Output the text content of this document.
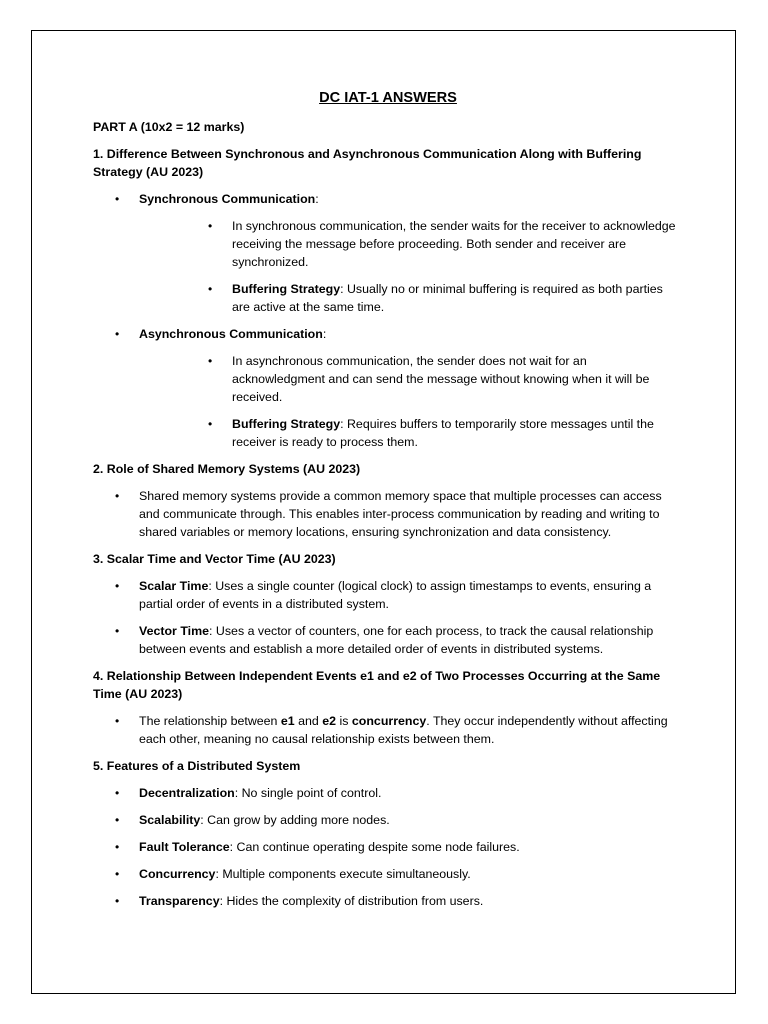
DC IAT-1 ANSWERS
PART A (10x2 = 12 marks)
1. Difference Between Synchronous and Asynchronous Communication Along with Buffering Strategy (AU 2023)
• Synchronous Communication:
• In synchronous communication, the sender waits for the receiver to acknowledge receiving the message before proceeding. Both sender and receiver are synchronized.
• Buffering Strategy: Usually no or minimal buffering is required as both parties are active at the same time.
• Asynchronous Communication:
• In asynchronous communication, the sender does not wait for an acknowledgment and can send the message without knowing when it will be received.
• Buffering Strategy: Requires buffers to temporarily store messages until the receiver is ready to process them.
2. Role of Shared Memory Systems (AU 2023)
• Shared memory systems provide a common memory space that multiple processes can access and communicate through. This enables inter-process communication by reading and writing to shared variables or memory locations, ensuring synchronization and data consistency.
3. Scalar Time and Vector Time (AU 2023)
• Scalar Time: Uses a single counter (logical clock) to assign timestamps to events, ensuring a partial order of events in a distributed system.
• Vector Time: Uses a vector of counters, one for each process, to track the causal relationship between events and establish a more detailed order of events in distributed systems.
4. Relationship Between Independent Events e1 and e2 of Two Processes Occurring at the Same Time (AU 2023)
• The relationship between e1 and e2 is concurrency. They occur independently without affecting each other, meaning no causal relationship exists between them.
5. Features of a Distributed System
• Decentralization: No single point of control.
• Scalability: Can grow by adding more nodes.
• Fault Tolerance: Can continue operating despite some node failures.
• Concurrency: Multiple components execute simultaneously.
• Transparency: Hides the complexity of distribution from users.
